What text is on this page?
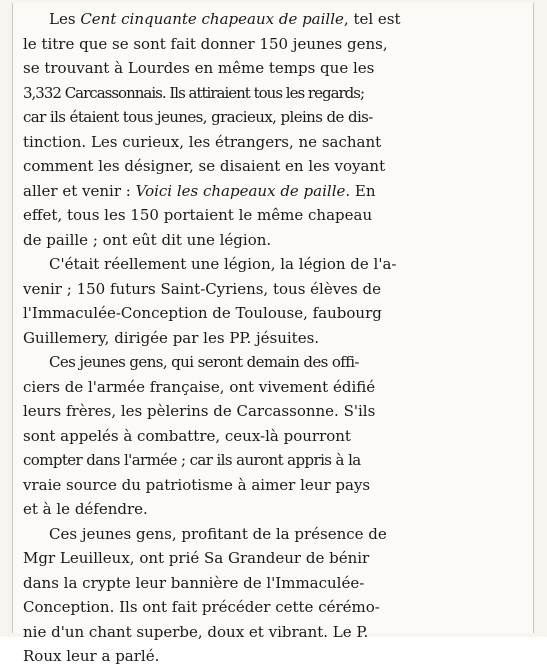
Les Cent cinquante chapeaux de paille, tel est
le titre que se sont fait donner 150 jeunes gens,
se trouvant à Lourdes en même temps que les
3,332 Carcassonnais. Ils attiraient tous les regards;
car ils étaient tous jeunes, gracieux, pleins de dis-
tinction. Les curieux, les étrangers, ne sachant
comment les désigner, se disaient en les voyant
aller et venir : Voici les chapeaux de paille. En
effet, tous les 150 portaient le même chapeau
de paille ; ont eût dit une légion.
C'était réellement une légion, la légion de l'a-
venir ; 150 futurs Saint-Cyriens, tous élèves de
l'Immaculée-Conception de Toulouse, faubourg
Guillemery, dirigée par les PP. jésuites.
Ces jeunes gens, qui seront demain des offi-
ciers de l'armée française, ont vivement édifié
leurs frères, les pèlerins de Carcassonne. S'ils
sont appelés à combattre, ceux-là pourront
compter dans l'armée ; car ils auront appris à la
vraie source du patriotisme à aimer leur pays
et à le défendre.
Ces jeunes gens, profitant de la présence de
Mgr Leuilleux, ont prié Sa Grandeur de bénir
dans la crypte leur bannière de l'Immaculée-
Conception. Ils ont fait précéder cette cérémo-
nie d'un chant superbe, doux et vibrant. Le P.
Roux leur a parlé.
